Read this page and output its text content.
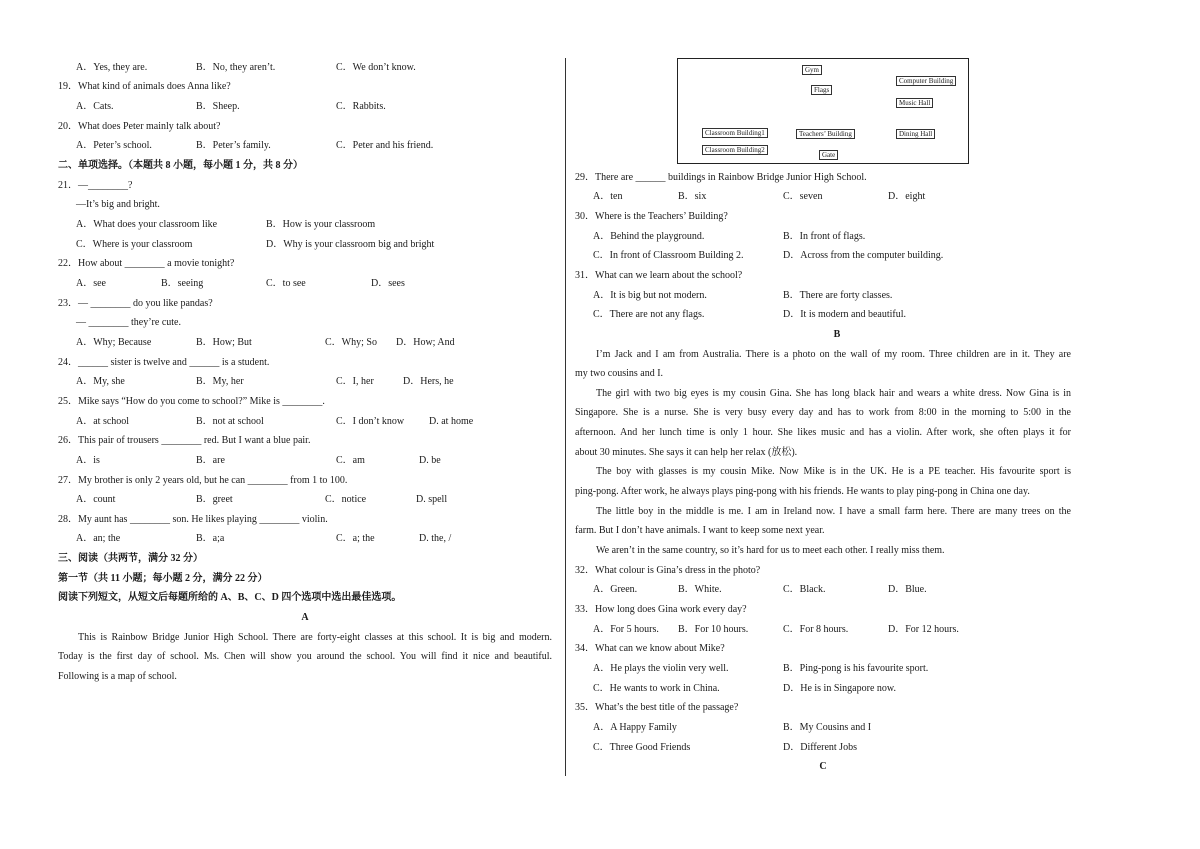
A．Yes, they are.	B．No, they aren’t.	C．We don’t know.
19．What kind of animals does Anna like?
A．Cats.	B．Sheep.	C．Rabbits.
20．What does Peter mainly talk about?
A．Peter’s school.	B．Peter’s family.	C．Peter and his friend.
二、单项选择。（本题共 8 小题，每小题 1 分，共 8 分）
21．—________?
—It’s big and bright.
A．What does your classroom like	B．How is your classroom
C．Where is your classroom	D．Why is your classroom big and bright
22．How about ________ a movie tonight?
A．see	B．seeing	C．to see	D．sees
23．— ________ do you like pandas?
— ________ they’re cute.
A．Why; Because	B．How; But	C．Why; So D．How; And
24．______ sister is twelve and ______ is a student.
A．My, she	B．My, her	C．I, her	D．Hers, he
25．Mike says “How do you come to school?” Mike is ________.
A．at school	B．not at school	C．I don’t know D. at home
26．This pair of trousers ________ red. But I want a blue pair.
A．is	B．are	C．am	D. be
27．My brother is only 2 years old, but he can ________ from 1 to 100.
A．count	B．greet	C．notice	D. spell
28．My aunt has ________ son. He likes playing ________ violin.
A．an; the	B．a;a	C．a; the	D. the, /
三、阅读（共两节，满分 32 分）
第一节（共 11 小题；每小题 2 分，满分 22 分）
阅读下列短文，从短文后每题所给的 A、B、C、D 四个选项中选出最佳选项。
A
This is Rainbow Bridge Junior High School. There are forty-eight classes at this school. It is big and modern.
Today is the first day of school. Ms. Chen will show you around the school. You will find it nice and beautiful.
Following is a map of school.
Gym
Flags
Computer Building
Music Hall
Classroom Building1	Teachers’ Building	Dining Hall
Classroom Building2
Gate
29．There are ______ buildings in Rainbow Bridge Junior High School.
A．ten	B．six	C．seven	D．eight
30．Where is the Teachers’ Building?
A．Behind the playground.	B．In front of flags.
C．In front of Classroom Building 2.	D．Across from the computer building.
31．What can we learn about the school?
A．It is big but not modern.	B．There are forty classes.
C．There are not any flags.	D．It is modern and beautiful.
B
I’m Jack and I am from Australia. There is a photo on the wall of my room. Three children are in it. They are
my two cousins and I.
The girl with two big eyes is my cousin Gina. She has long black hair and wears a white dress. Now Gina is in
Singapore. She is a nurse. She is very busy every day and has to work from 8:00 in the morning to 5:00 in the
afternoon. And her lunch time is only 1 hour. She likes music and has a violin. After work, she often plays it for
about 30 minutes. She says it can help her relax (放松).
The boy with glasses is my cousin Mike. Now Mike is in the UK. He is a PE teacher. His favourite sport is
ping-pong. After work, he always plays ping-pong with his friends. He wants to play ping-pong in China one day.
The little boy in the middle is me. I am in Ireland now. I have a small farm here. There are many trees on the
farm. But I don’t have animals. I want to keep some next year.
We aren’t in the same country, so it’s hard for us to meet each other. I really miss them.
32．What colour is Gina’s dress in the photo?
A．Green.	B．White.	C．Black.	D．Blue.
33．How long does Gina work every day?
A．For 5 hours. B．For 10 hours.	C．For 8 hours.	D．For 12 hours.
34．What can we know about Mike?
A．He plays the violin very well.	B．Ping-pong is his favourite sport.
C．He wants to work in China.	D．He is in Singapore now.
35．What’s the best title of the passage?
A．A Happy Family	B．My Cousins and I
C．Three Good Friends	D．Different Jobs
C
